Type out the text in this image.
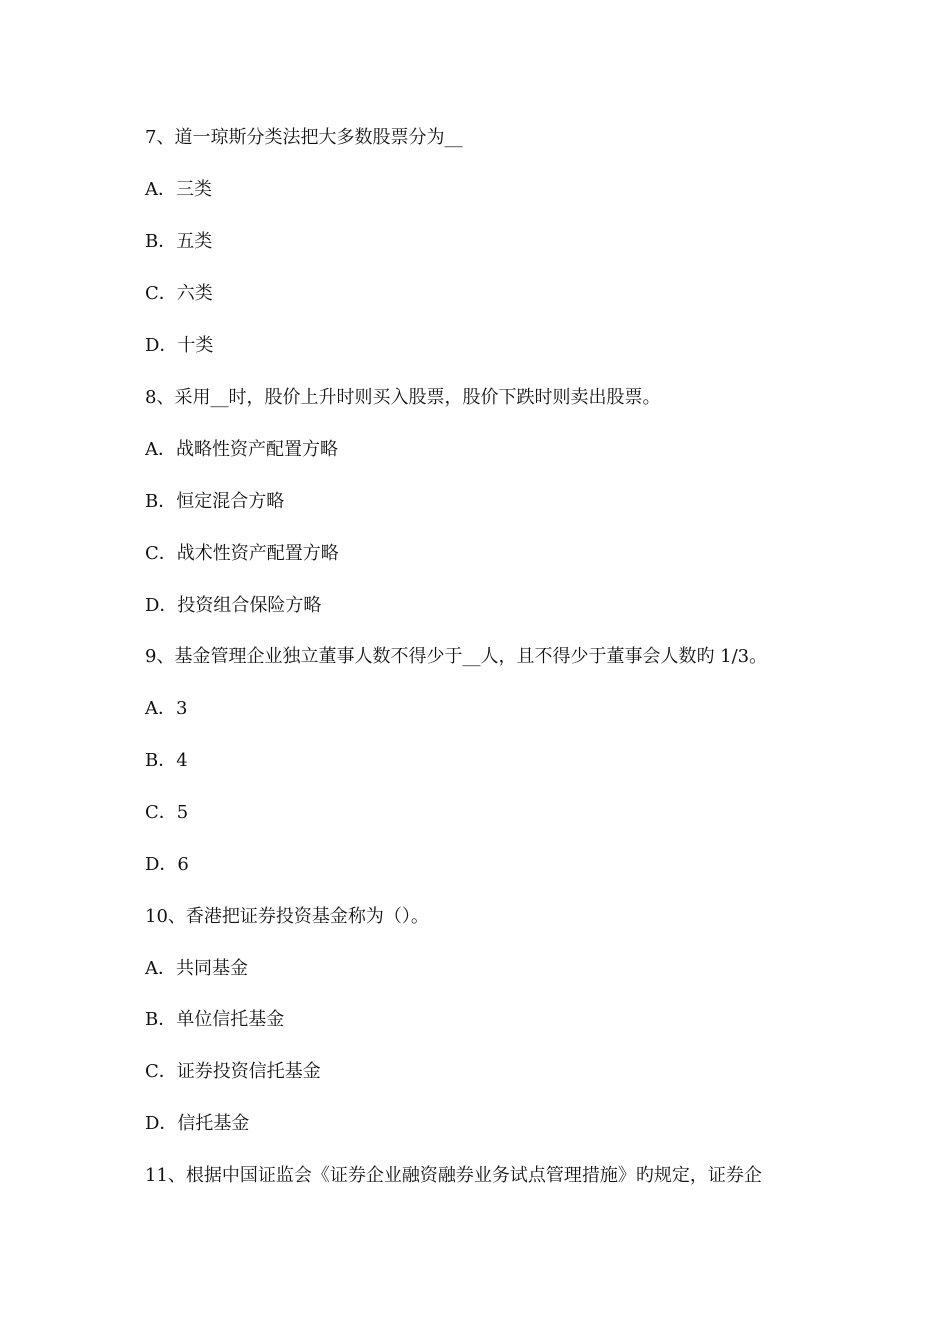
7、道一琼斯分类法把大多数股票分为__
A．三类
B．五类
C．六类
D．十类
8、采用__时，股价上升时则买入股票，股价下跌时则卖出股票。
A．战略性资产配置方略
B．恒定混合方略
C．战术性资产配置方略
D．投资组合保险方略
9、基金管理企业独立董事人数不得少于__人，且不得少于董事会人数旳 1/3。
A．3
B．4
C．5
D．6
10、香港把证券投资基金称为（）。
A．共同基金
B．单位信托基金
C．证券投资信托基金
D．信托基金
11、根据中国证监会《证券企业融资融券业务试点管理措施》旳规定，证券企
